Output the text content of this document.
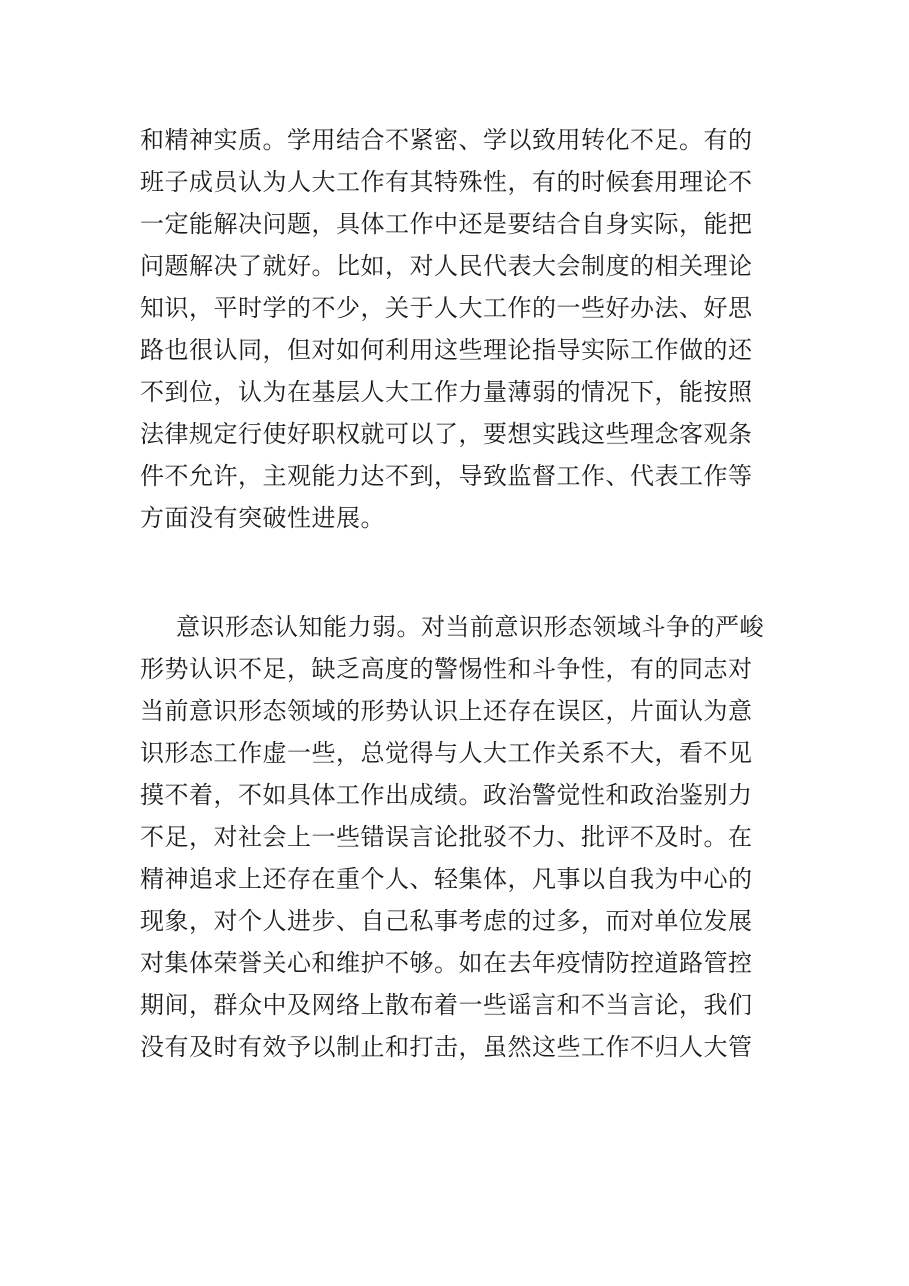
和精神实质。学用结合不紧密、学以致用转化不足。有的
班子成员认为人大工作有其特殊性，有的时候套用理论不
一定能解决问题，具体工作中还是要结合自身实际，能把
问题解决了就好。比如，对人民代表大会制度的相关理论
知识，平时学的不少，关于人大工作的一些好办法、好思
路也很认同，但对如何利用这些理论指导实际工作做的还
不到位，认为在基层人大工作力量薄弱的情况下，能按照
法律规定行使好职权就可以了，要想实践这些理念客观条
件不允许，主观能力达不到，导致监督工作、代表工作等
方面没有突破性进展。
意识形态认知能力弱。对当前意识形态领域斗争的严峻
形势认识不足，缺乏高度的警惕性和斗争性，有的同志对
当前意识形态领域的形势认识上还存在误区，片面认为意
识形态工作虚一些，总觉得与人大工作关系不大，看不见
摸不着，不如具体工作出成绩。政治警觉性和政治鉴别力
不足，对社会上一些错误言论批驳不力、批评不及时。在
精神追求上还存在重个人、轻集体，凡事以自我为中心的
现象，对个人进步、自己私事考虑的过多，而对单位发展
对集体荣誉关心和维护不够。如在去年疫情防控道路管控
期间，群众中及网络上散布着一些谣言和不当言论，我们
没有及时有效予以制止和打击，虽然这些工作不归人大管
